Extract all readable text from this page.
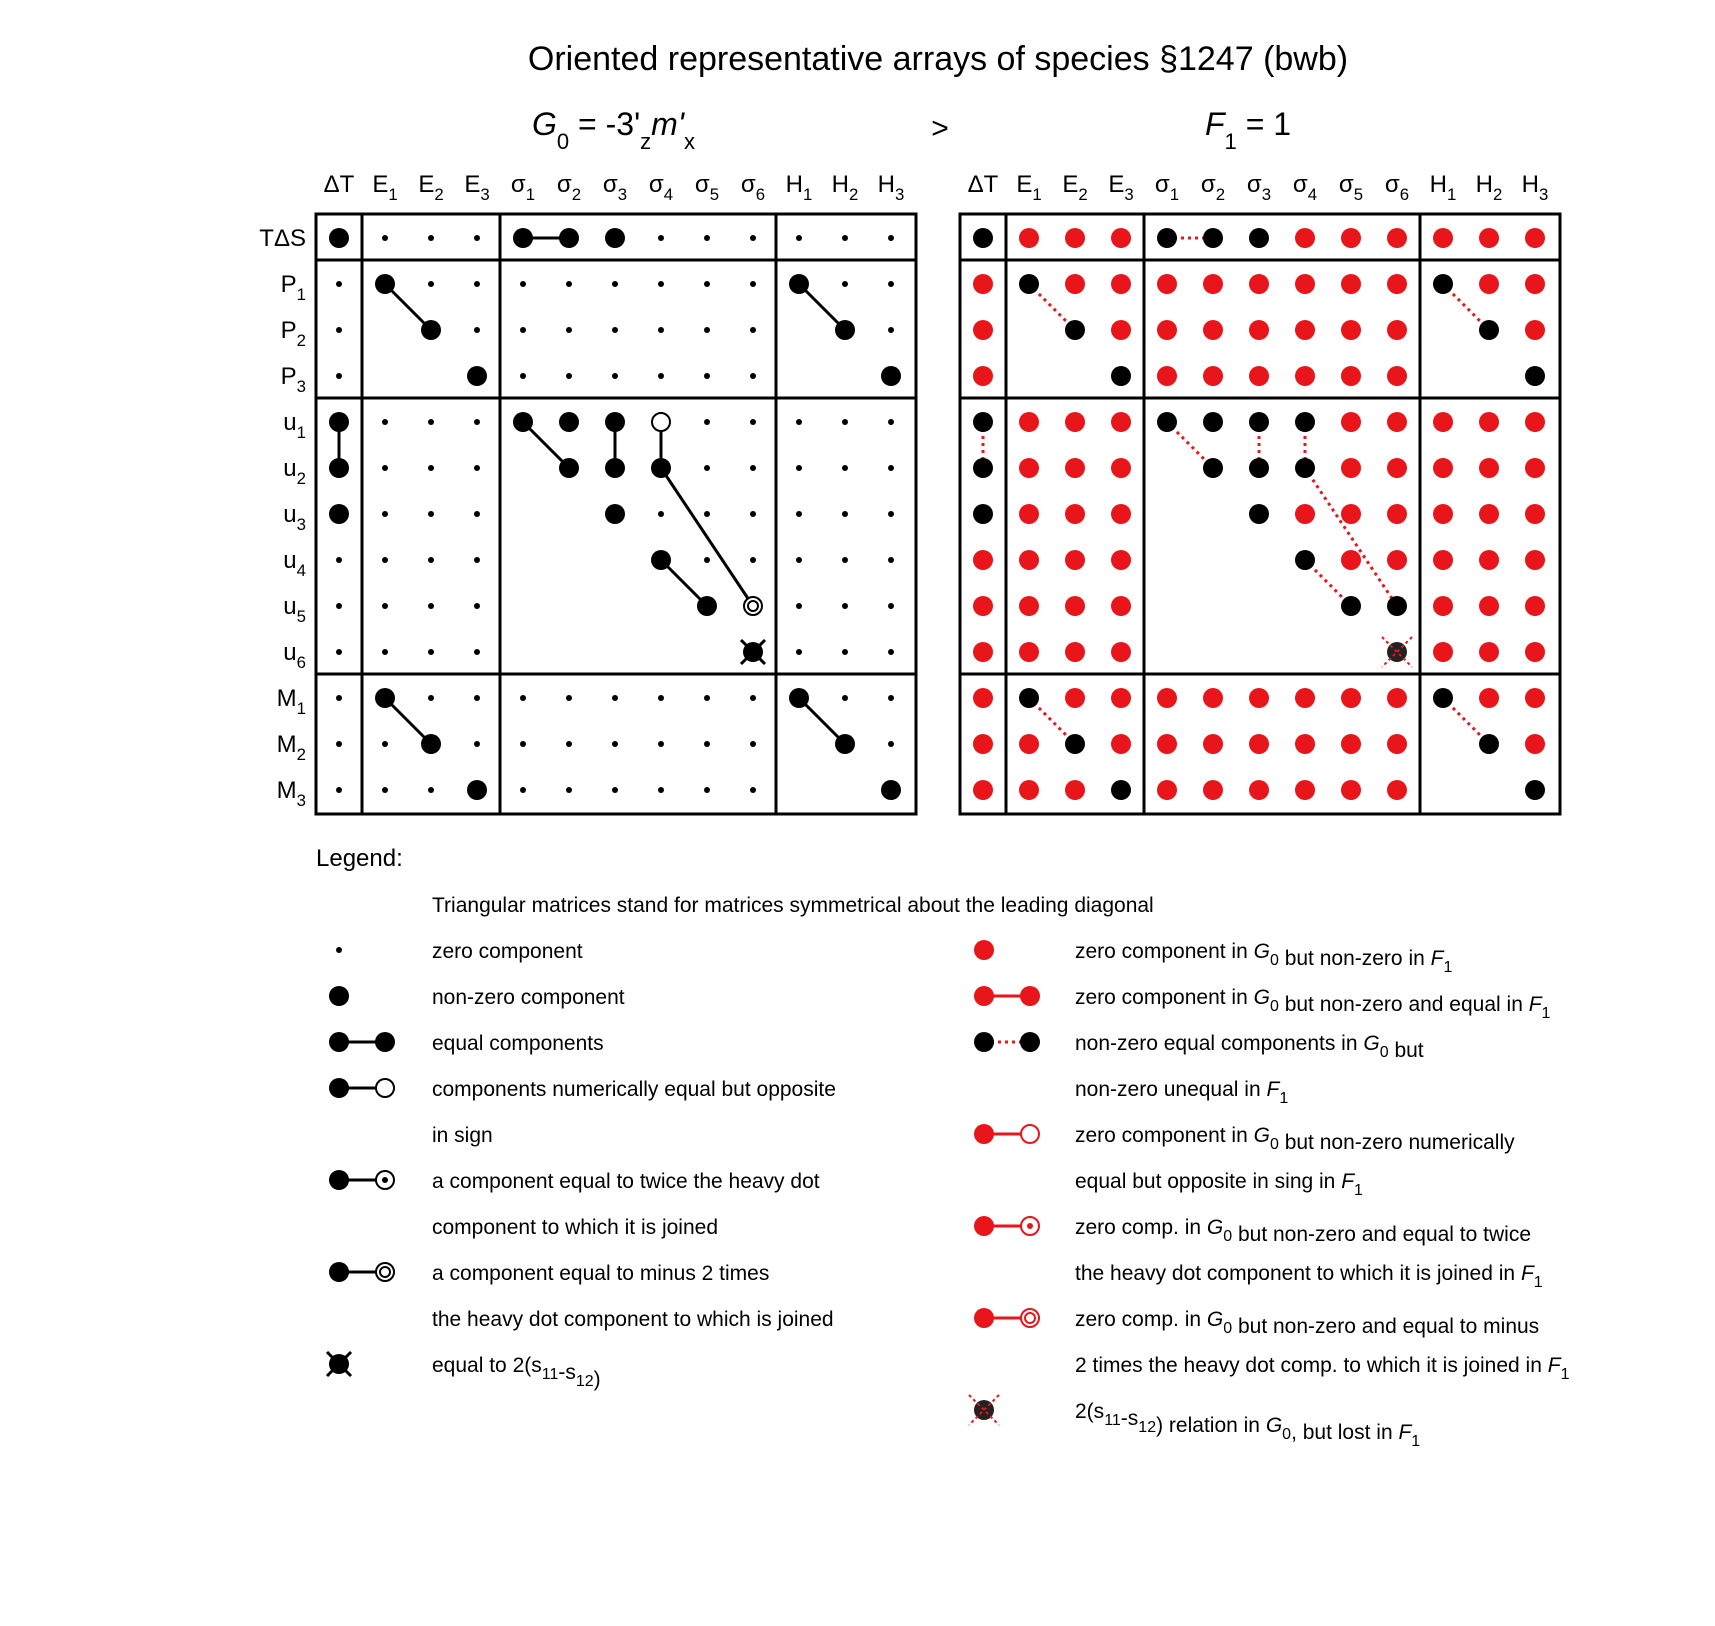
Oriented representative arrays of species §1247 (bwb)
$G_0 = -3'_zm'_x$	>	$F_1 = 1$
ΔT $E_1$ $E_2$ $E_3$ $\sigma_1$ $\sigma_2$ $\sigma_3$ $\sigma_4$ $\sigma_5$ $\sigma_6$ $H_1$ $H_2$ $H_3$
TΔS
$P_1$
$P_2$
$P_3$
$u_1$
$u_2$
$u_3$
$u_4$
$u_5$
$u_6$
$M_1$
$M_2$
$M_3$
ΔT $E_1$ $E_2$ $E_3$ $\sigma_1$ $\sigma_2$ $\sigma_3$ $\sigma_4$ $\sigma_5$ $\sigma_6$ $H_1$ $H_2$ $H_3$
Legend:
Triangular matrices stand for matrices symmetrical about the leading diagonal
zero component
non-zero component
equal components
components numerically equal but opposite
in sign
a component equal to twice the heavy dot
component to which it is joined
a component equal to minus 2 times
the heavy dot component to which is joined
equal to $2(s_{11}-s_{12})$
zero component in $G_0$ but non-zero in $F_1$
zero component in $G_0$ but non-zero and equal in $F_1$
non-zero equal components in $G_0$ but
non-zero unequal in $F_1$
zero component in $G_0$ but non-zero numerically
equal but opposite in sing in $F_1$
zero comp. in $G_0$ but non-zero and equal to twice
the heavy dot component to which it is joined in $F_1$
zero comp. in $G_0$ but non-zero and equal to minus
2 times the heavy dot comp. to which it is joined in $F_1$
$2(s_{11}-s_{12})$ relation in $G_0$, but lost in $F_1$
